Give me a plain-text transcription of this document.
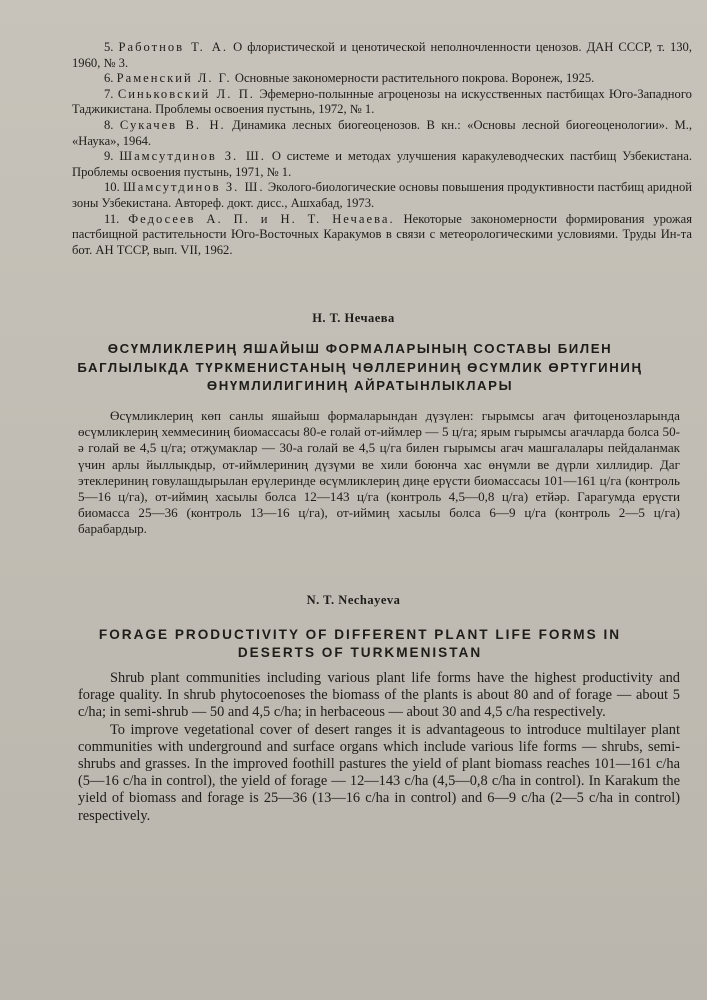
5. Работнов Т. А. О флористической и ценотической неполночленности ценозов. ДАН СССР, т. 130, 1960, № 3.

6. Раменский Л. Г. Основные закономерности растительного покрова. Воронеж, 1925.

7. Синьковский Л. П. Эфемерно-полынные агроценозы на искусственных пастбищах Юго-Западного Таджикистана. Проблемы освоения пустынь, 1972, № 1.

8. Сукачев В. Н. Динамика лесных биогеоценозов. В кн.: «Основы лесной биогеоценологии». М., «Наука», 1964.

9. Шамсутдинов З. Ш. О системе и методах улучшения каракулеводческих пастбищ Узбекистана. Проблемы освоения пустынь, 1971, № 1.

10. Шамсутдинов З. Ш. Эколого-биологические основы повышения продуктивности пастбищ аридной зоны Узбекистана. Автореф. докт. дисс., Ашхабад, 1973.

11. Федосеев А. П. и Н. Т. Нечаева. Некоторые закономерности формирования урожая пастбищной растительности Юго-Восточных Каракумов в связи с метеорологическими условиями. Труды Ин-та бот. АН ТССР, вып. VII, 1962.

Н. Т. Нечаева
ӨСҮМЛИКЛЕРИҢ ЯШАЙЫШ ФОРМАЛАРЫНЫҢ СОСТАВЫ БИЛЕН БАГЛЫЛЫКДА ТҮРКМЕНИСТАНЫҢ ЧӨЛЛЕРИНИҢ ӨСҮМЛИК ӨРТҮГИНИҢ ӨНҮМЛИЛИГИНИҢ АЙРАТЫНЛЫКЛАРЫ

Өсүмликлериң көп санлы яшайыш формаларындан дүзүлен: гырымсы агач фитоценозларында өсүмликлериң хеммесиниң биомассасы 80-е голай от-иймлер — 5 ц/га; ярым гырымсы агачларда болса 50-ә голай ве 4,5 ц/га; отҗумаклар — 30-а голай ве 4,5 ц/га билен гырымсы агач машгалалары пейдаланмак үчин арлы йыллыкдыр, от-иймлериниң дүзүми ве хили боюнча хас өнүмли ве дүрли хиллидир. Даг этеклериниң говулашдырылан ерүлеринде өсүмликлериң диңе ерүсти биомассасы 101—161 ц/га (контроль 5—16 ц/га), от-иймиң хасылы болса 12—143 ц/га (контроль 4,5—0,8 ц/га) етйәр. Гарагумда ерүсти биомасса 25—36 (контроль 13—16 ц/га), от-иймиң хасылы болса 6—9 ц/га (контроль 2—5 ц/га) барабардыр.

N. T. Nechayeva
FORAGE PRODUCTIVITY OF DIFFERENT PLANT LIFE FORMS IN DESERTS OF TURKMENISTAN

Shrub plant communities including various plant life forms have the highest productivity and forage quality. In shrub phytocoenoses the biomass of the plants is about 80 and of forage — about 5 c/ha; in semi-shrub — 50 and 4,5 c/ha; in herbaceous — about 30 and 4,5 c/ha respectively.

To improve vegetational cover of desert ranges it is advantageous to introduce multilayer plant communities with underground and surface organs which include various life forms — shrubs, semi-shrubs and grasses. In the improved foothill pastures the yield of plant biomass reaches 101—161 c/ha (5—16 c/ha in control), the yield of forage — 12—143 c/ha (4,5—0,8 c/ha in control). In Karakum the yield of biomass and forage is 25—36 (13—16 c/ha in control) and 6—9 c/ha (2—5 c/ha in control) respectively.
